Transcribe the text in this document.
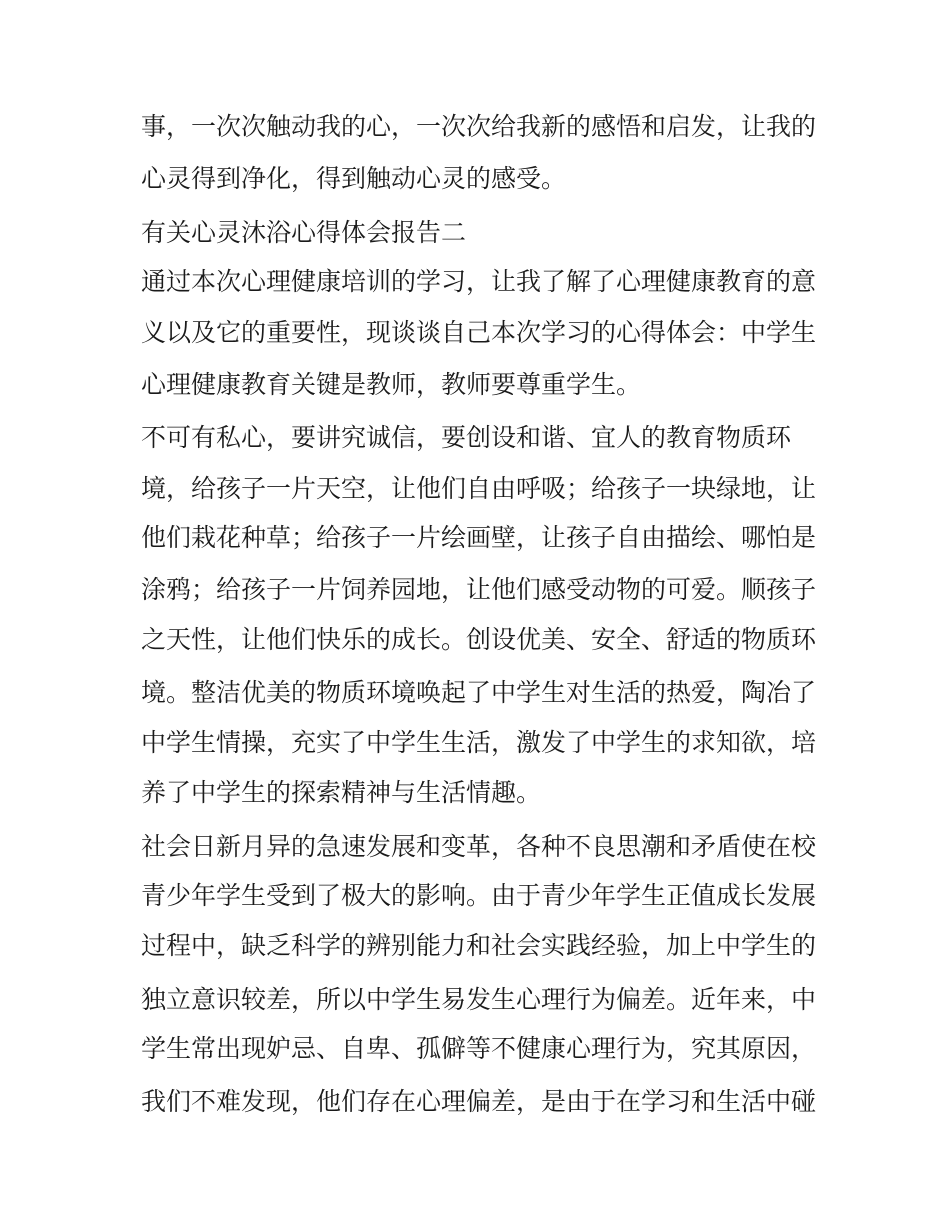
事，一次次触动我的心，一次次给我新的感悟和启发，让我的

心灵得到净化，得到触动心灵的感受。

有关心灵沐浴心得体会报告二

通过本次心理健康培训的学习，让我了解了心理健康教育的意

义以及它的重要性，现谈谈自己本次学习的心得体会：中学生

心理健康教育关键是教师，教师要尊重学生。

不可有私心，要讲究诚信，要创设和谐、宜人的教育物质环

境，给孩子一片天空，让他们自由呼吸；给孩子一块绿地，让

他们栽花种草；给孩子一片绘画壁，让孩子自由描绘、哪怕是

涂鸦；给孩子一片饲养园地，让他们感受动物的可爱。顺孩子

之天性，让他们快乐的成长。创设优美、安全、舒适的物质环

境。整洁优美的物质环境唤起了中学生对生活的热爱，陶冶了

中学生情操，充实了中学生生活，激发了中学生的求知欲，培

养了中学生的探索精神与生活情趣。

社会日新月异的急速发展和变革，各种不良思潮和矛盾使在校

青少年学生受到了极大的影响。由于青少年学生正值成长发展

过程中，缺乏科学的辨别能力和社会实践经验，加上中学生的

独立意识较差，所以中学生易发生心理行为偏差。近年来，中

学生常出现妒忌、自卑、孤僻等不健康心理行为，究其原因，

我们不难发现，他们存在心理偏差，是由于在学习和生活中碰
